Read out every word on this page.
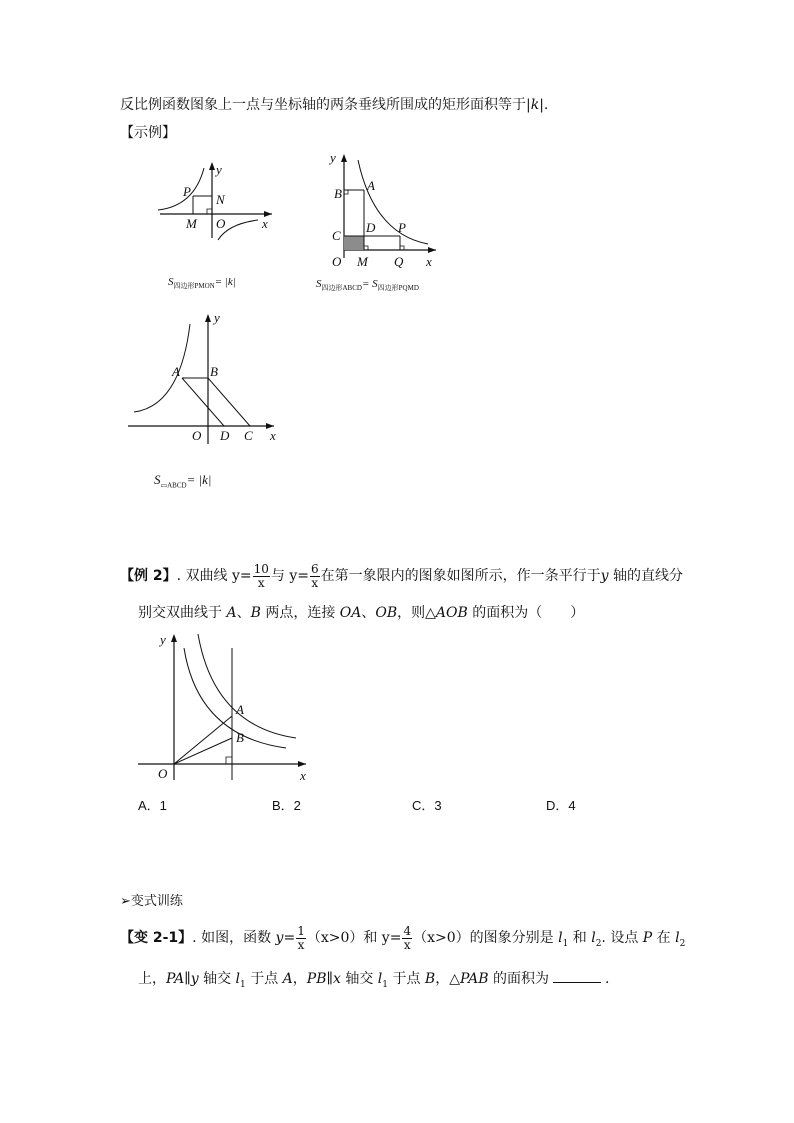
反比例函数图象上一点与坐标轴的两条垂线所围成的矩形面积等于|k|.
【示例】
P
N
M O	x
y
$S_{四边形PMON}= |k|$
y
B
A
C
D P
O M Q x
$S_{四边形ABCD}= S_{四边形PQMD}$
A B
y
O D C x
$S_{▭ABCD}= |k|$
【例 2】. 双曲线 $y= \frac{10}{x}$ 与 $y= \frac{6}{x}$ 在第一象限内的图象如图所示，作一条平行于y 轴的直线分
别交双曲线于 A、B 两点，连接 OA、OB，则△AOB 的面积为（　　）
y
A
B
O	x
A．1	B．2	C．3	D．4
➢变式训练
【变 2-1】. 如图，函数 $y= \frac{1}{x} (x>0)$和 $y= \frac{4}{x} (x>0)$的图象分别是 $l_1$ 和 $l_2$. 设点 P 在 $l_2$
上，PA∥y 轴交 $l_1$ 于点 A，PB∥x 轴交 $l_1$ 于点 B，△PAB 的面积为	.
